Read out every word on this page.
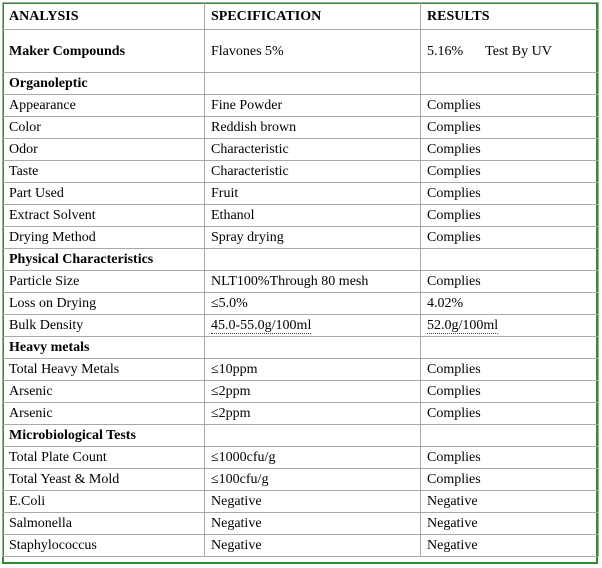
ANALYSIS	SPECIFICATION	RESULTS
Maker Compounds	Flavones 5%	5.16% Test By UV
Organoleptic		
Appearance	Fine Powder	Complies
Color	Reddish brown	Complies
Odor	Characteristic	Complies
Taste	Characteristic	Complies
Part Used	Fruit	Complies
Extract Solvent	Ethanol	Complies
Drying Method	Spray drying	Complies
Physical Characteristics		
Particle Size	NLT100%Through 80 mesh	Complies
Loss on Drying	≤5.0%	4.02%
Bulk Density	45.0-55.0g/100ml	52.0g/100ml
Heavy metals		
Total Heavy Metals	≤10ppm	Complies
Arsenic	≤2ppm	Complies
Arsenic	≤2ppm	Complies
Microbiological Tests		
Total Plate Count	≤1000cfu/g	Complies
Total Yeast & Mold	≤100cfu/g	Complies
E.Coli	Negative	Negative
Salmonella	Negative	Negative
Staphylococcus	Negative	Negative
